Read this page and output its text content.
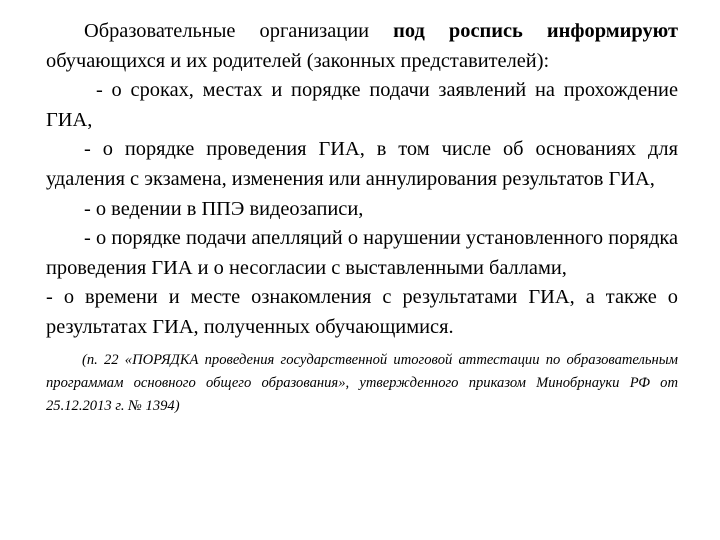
Образовательные организации под роспись информируют обучающихся и их родителей (законных представителей):

- о сроках, местах и порядке подачи заявлений на прохождение ГИА,

- о порядке проведения ГИА, в том числе об основаниях для удаления с экзамена, изменения или аннулирования результатов ГИА,

- о ведении в ППЭ видеозаписи,

- о порядке подачи апелляций о нарушении установленного порядка проведения ГИА и о несогласии с выставленными баллами,

- о времени и месте ознакомления с результатами ГИА, а также о результатах ГИА, полученных обучающимися.

(п. 22 «ПОРЯДКА проведения государственной итоговой аттестации по образовательным программам основного общего образования», утвержденного приказом Минобрнауки РФ от 25.12.2013 г. № 1394)
